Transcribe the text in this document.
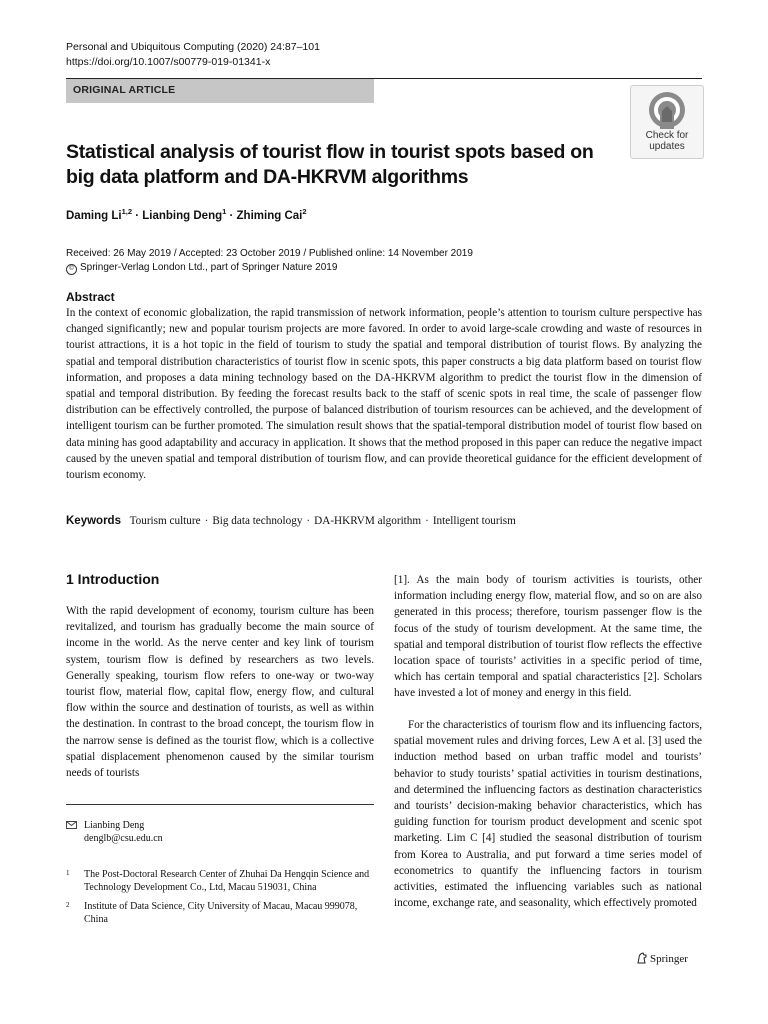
Personal and Ubiquitous Computing (2020) 24:87–101
https://doi.org/10.1007/s00779-019-01341-x
ORIGINAL ARTICLE
Check for
updates
Statistical analysis of tourist flow in tourist spots based on big data platform and DA-HKRVM algorithms
Daming Li$^{1,2}$ · Lianbing Deng$^1$ · Zhiming Cai$^2$
Received: 26 May 2019 / Accepted: 23 October 2019 / Published online: 14 November 2019
© Springer-Verlag London Ltd., part of Springer Nature 2019
Abstract

In the context of economic globalization, the rapid transmission of network information, people’s attention to tourism culture perspective has changed significantly; new and popular tourism projects are more favored. In order to avoid large-scale crowding and waste of resources in tourist attractions, it is a hot topic in the field of tourism to study the spatial and temporal distribution of tourist flows. By analyzing the spatial and temporal distribution characteristics of tourist flow in scenic spots, this paper constructs a big data platform based on tourist flow information, and proposes a data mining technology based on the DA-HKRVM algorithm to predict the tourist flow in the dimension of spatial and temporal distribution. By feeding the forecast results back to the staff of scenic spots in real time, the scale of passenger flow distribution can be effectively controlled, the purpose of balanced distribution of tourism resources can be achieved, and the development of intelligent tourism can be further promoted. The simulation result shows that the spatial-temporal distribution model of tourist flow based on data mining has good adaptability and accuracy in application. It shows that the method proposed in this paper can reduce the negative impact caused by the uneven spatial and temporal distribution of tourism flow, and can provide theoretical guidance for the efficient development of tourism economy.

Keywords Tourism culture · Big data technology · DA-HKRVM algorithm · Intelligent tourism
1 Introduction

With the rapid development of economy, tourism culture has been revitalized, and tourism has gradually become the main source of income in the world. As the nerve center and key link of tourism system, tourism flow is defined by researchers as two levels. Generally speaking, tourism flow refers to one-way or two-way tourist flow, material flow, capital flow, energy flow, and cultural flow within the source and destination of tourists, as well as within the destination. In contrast to the broad concept, the tourism flow in the narrow sense is defined as the tourist flow, which is a collective spatial displacement phenomenon caused by the similar tourism needs of tourists

[1]. As the main body of tourism activities is tourists, other information including energy flow, material flow, and so on are also generated in this process; therefore, tourism passenger flow is the focus of the study of tourism development. At the same time, the spatial and temporal distribution of tourist flow reflects the effective location space of tourists’ activities in a specific period of time, which has certain temporal and spatial characteristics [2]. Scholars have invested a lot of money and energy in this field.

For the characteristics of tourism flow and its influencing factors, spatial movement rules and driving forces, Lew A et al. [3] used the induction method based on urban traffic model and tourists’ behavior to study tourists’ spatial activities in tourism destinations, and determined the influencing factors as destination characteristics and tourists’ decision-making behavior characteristics, which has guiding function for tourism product development and scenic spot marketing. Lim C [4] studied the seasonal distribution of tourism from Korea to Australia, and put forward a time series model of econometrics to quantify the influencing factors in tourism activities, estimated the influencing variables such as national income, exchange rate, and seasonality, which effectively promoted

Lianbing Deng
denglb@csu.edu.cn
1 The Post-Doctoral Research Center of Zhuhai Da Hengqin Science and Technology Development Co., Ltd, Macau 519031, China
2 Institute of Data Science, City University of Macau, Macau 999078, China
Springer
